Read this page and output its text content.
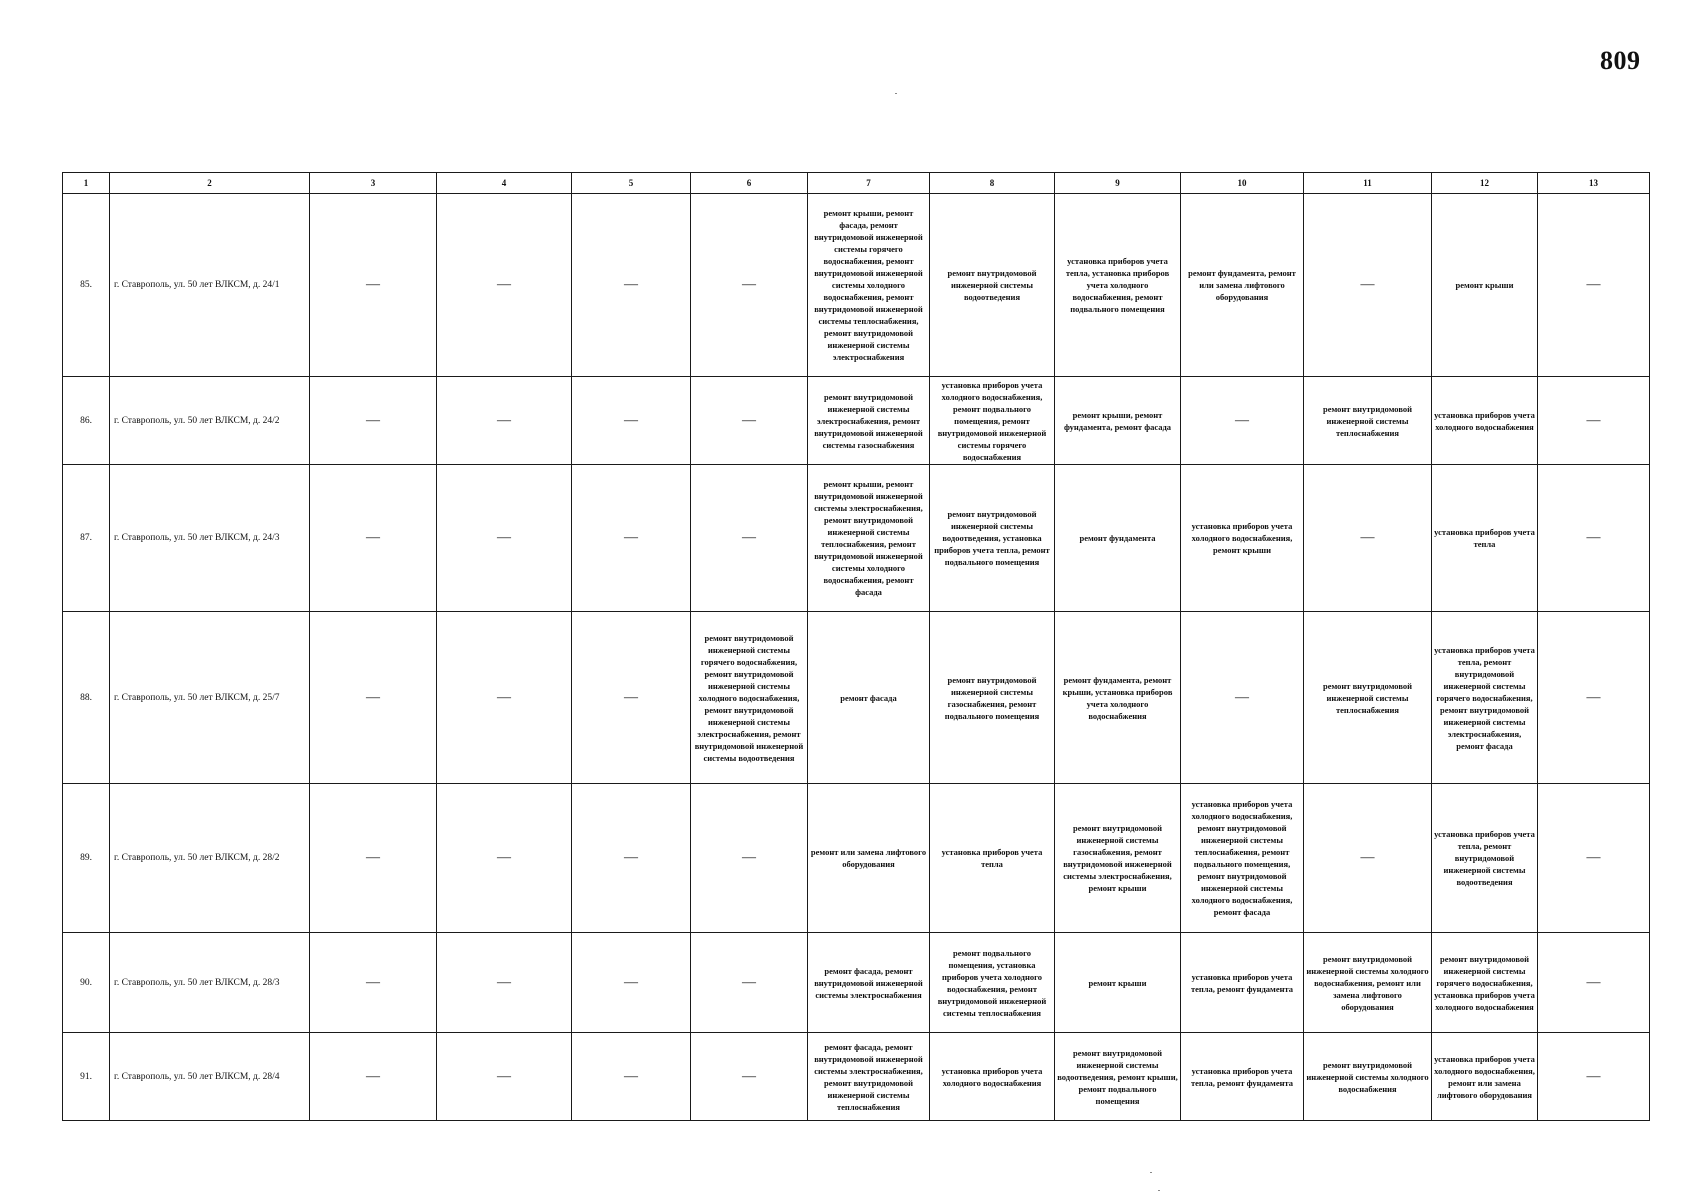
809
1	2	3	4	5	6	7	8	9	10	11	12	13
85.	г. Ставрополь, ул. 50 лет ВЛКСМ, д. 24/1	—	—	—	—	ремонт крыши, ремонт фасада, ремонт внутридомовой инженерной системы горячего водоснабжения, ремонт внутридомовой инженерной системы холодного водоснабжения, ремонт внутридомовой инженерной системы теплоснабжения, ремонт внутридомовой инженерной системы электроснабжения	ремонт внутридомовой инженерной системы водоотведения	установка приборов учета тепла, установка приборов учета холодного водоснабжения, ремонт подвального помещения	ремонт фундамента, ремонт или замена лифтового оборудования	—	ремонт крыши	—
86.	г. Ставрополь, ул. 50 лет ВЛКСМ, д. 24/2	—	—	—	—	ремонт внутридомовой инженерной системы электроснабжения, ремонт внутридомовой инженерной системы газоснабжения	установка приборов учета холодного водоснабжения, ремонт подвального помещения, ремонт внутридомовой инженерной системы горячего водоснабжения	ремонт крыши, ремонт фундамента, ремонт фасада	—	ремонт внутридомовой инженерной системы теплоснабжения	установка приборов учета холодного водоснабжения	—
87.	г. Ставрополь, ул. 50 лет ВЛКСМ, д. 24/3	—	—	—	—	ремонт крыши, ремонт внутридомовой инженерной системы электроснабжения, ремонт внутридомовой инженерной системы теплоснабжения, ремонт внутридомовой инженерной системы холодного водоснабжения, ремонт фасада	ремонт внутридомовой инженерной системы водоотведения, установка приборов учета тепла, ремонт подвального помещения	ремонт фундамента	установка приборов учета холодного водоснабжения, ремонт крыши	—	установка приборов учета тепла	—
88.	г. Ставрополь, ул. 50 лет ВЛКСМ, д. 25/7	—	—	—	ремонт внутридомовой инженерной системы горячего водоснабжения, ремонт внутридомовой инженерной системы холодного водоснабжения, ремонт внутридомовой инженерной системы электроснабжения, ремонт внутридомовой инженерной системы водоотведения	ремонт фасада	ремонт внутридомовой инженерной системы газоснабжения, ремонт подвального помещения	ремонт фундамента, ремонт крыши, установка приборов учета холодного водоснабжения	—	ремонт внутридомовой инженерной системы теплоснабжения	установка приборов учета тепла, ремонт внутридомовой инженерной системы горячего водоснабжения, ремонт внутридомовой инженерной системы электроснабжения, ремонт фасада	—
89.	г. Ставрополь, ул. 50 лет ВЛКСМ, д. 28/2	—	—	—	—	ремонт или замена лифтового оборудования	установка приборов учета тепла	ремонт внутридомовой инженерной системы газоснабжения, ремонт внутридомовой инженерной системы электроснабжения, ремонт крыши	установка приборов учета холодного водоснабжения, ремонт внутридомовой инженерной системы теплоснабжения, ремонт подвального помещения, ремонт внутридомовой инженерной системы холодного водоснабжения, ремонт фасада	—	установка приборов учета тепла, ремонт внутридомовой инженерной системы водоотведения	—
90.	г. Ставрополь, ул. 50 лет ВЛКСМ, д. 28/3	—	—	—	—	ремонт фасада, ремонт внутридомовой инженерной системы электроснабжения	ремонт подвального помещения, установка приборов учета холодного водоснабжения, ремонт внутридомовой инженерной системы теплоснабжения	ремонт крыши	установка приборов учета тепла, ремонт фундамента	ремонт внутридомовой инженерной системы холодного водоснабжения, ремонт или замена лифтового оборудования	ремонт внутридомовой инженерной системы горячего водоснабжения, установка приборов учета холодного водоснабжения	—
91.	г. Ставрополь, ул. 50 лет ВЛКСМ, д. 28/4	—	—	—	—	ремонт фасада, ремонт внутридомовой инженерной системы электроснабжения, ремонт внутридомовой инженерной системы теплоснабжения	установка приборов учета холодного водоснабжения	ремонт внутридомовой инженерной системы водоотведения, ремонт крыши, ремонт подвального помещения	установка приборов учета тепла, ремонт фундамента	ремонт внутридомовой инженерной системы холодного водоснабжения	установка приборов учета холодного водоснабжения, ремонт или замена лифтового оборудования	—
